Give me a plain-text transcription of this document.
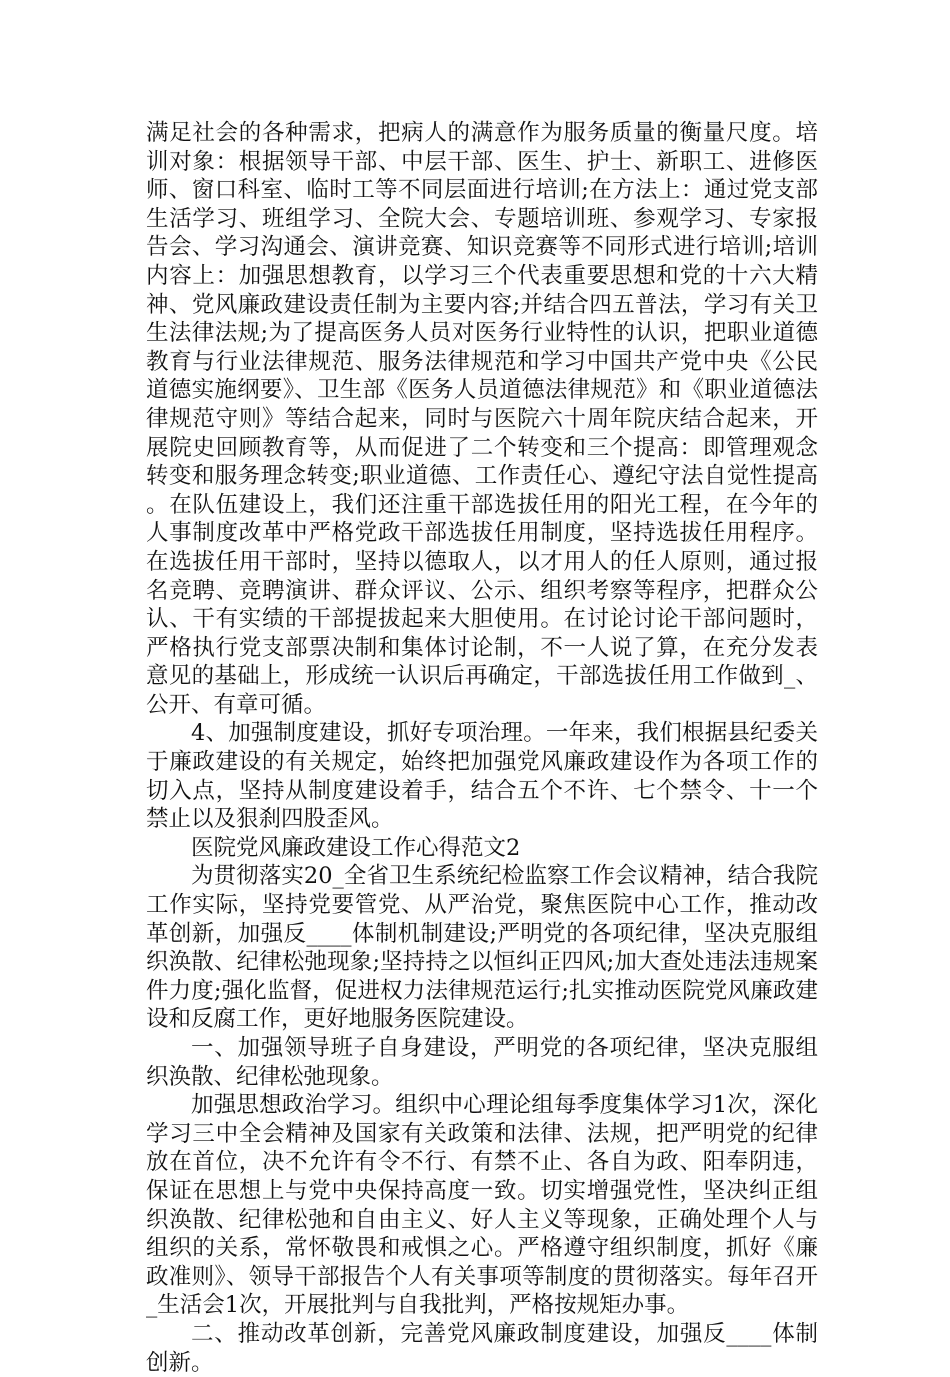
满足社会的各种需求，把病人的满意作为服务质量的衡量尺度。培训对象：根据领导干部、中层干部、医生、护士、新职工、进修医师、窗口科室、临时工等不同层面进行培训;在方法上：通过党支部生活学习、班组学习、全院大会、专题培训班、参观学习、专家报告会、学习沟通会、演讲竞赛、知识竞赛等不同形式进行培训;培训内容上：加强思想教育，以学习三个代表重要思想和党的十六大精神、党风廉政建设责任制为主要内容;并结合四五普法，学习有关卫生法律法规;为了提高医务人员对医务行业特性的认识，把职业道德教育与行业法律规范、服务法律规范和学习中国共产党中央《公民道德实施纲要》、卫生部《医务人员道德法律规范》和《职业道德法律规范守则》等结合起来，同时与医院六十周年院庆结合起来，开展院史回顾教育等，从而促进了二个转变和三个提高：即管理观念转变和服务理念转变;职业道德、工作责任心、遵纪守法自觉性提高。在队伍建设上，我们还注重干部选拔任用的阳光工程，在今年的人事制度改革中严格党政干部选拔任用制度，坚持选拔任用程序。在选拔任用干部时，坚持以德取人，以才用人的任人原则，通过报名竞聘、竞聘演讲、群众评议、公示、组织考察等程序，把群众公认、干有实绩的干部提拔起来大胆使用。在讨论讨论干部问题时，严格执行党支部票决制和集体讨论制，不一人说了算，在充分发表意见的基础上，形成统一认识后再确定，干部选拔任用工作做到_、公开、有章可循。

4、加强制度建设，抓好专项治理。一年来，我们根据县纪委关于廉政建设的有关规定，始终把加强党风廉政建设作为各项工作的切入点，坚持从制度建设着手，结合五个不许、七个禁令、十一个禁止以及狠刹四股歪风。

医院党风廉政建设工作心得范文2

为贯彻落实20_全省卫生系统纪检监察工作会议精神，结合我院工作实际，坚持党要管党、从严治党，聚焦医院中心工作，推动改革创新，加强反____体制机制建设;严明党的各项纪律，坚决克服组织涣散、纪律松弛现象;坚持持之以恒纠正四风;加大查处违法违规案件力度;强化监督，促进权力法律规范运行;扎实推动医院党风廉政建设和反腐工作，更好地服务医院建设。

一、加强领导班子自身建设，严明党的各项纪律，坚决克服组织涣散、纪律松弛现象。

加强思想政治学习。组织中心理论组每季度集体学习1次，深化学习三中全会精神及国家有关政策和法律、法规，把严明党的纪律放在首位，决不允许有令不行、有禁不止、各自为政、阳奉阴违，保证在思想上与党中央保持高度一致。切实增强党性，坚决纠正组织涣散、纪律松弛和自由主义、好人主义等现象，正确处理个人与组织的关系，常怀敬畏和戒惧之心。严格遵守组织制度，抓好《廉政准则》、领导干部报告个人有关事项等制度的贯彻落实。每年召开_生活会1次，开展批判与自我批判，严格按规矩办事。

二、推动改革创新，完善党风廉政制度建设，加强反____体制创新。
